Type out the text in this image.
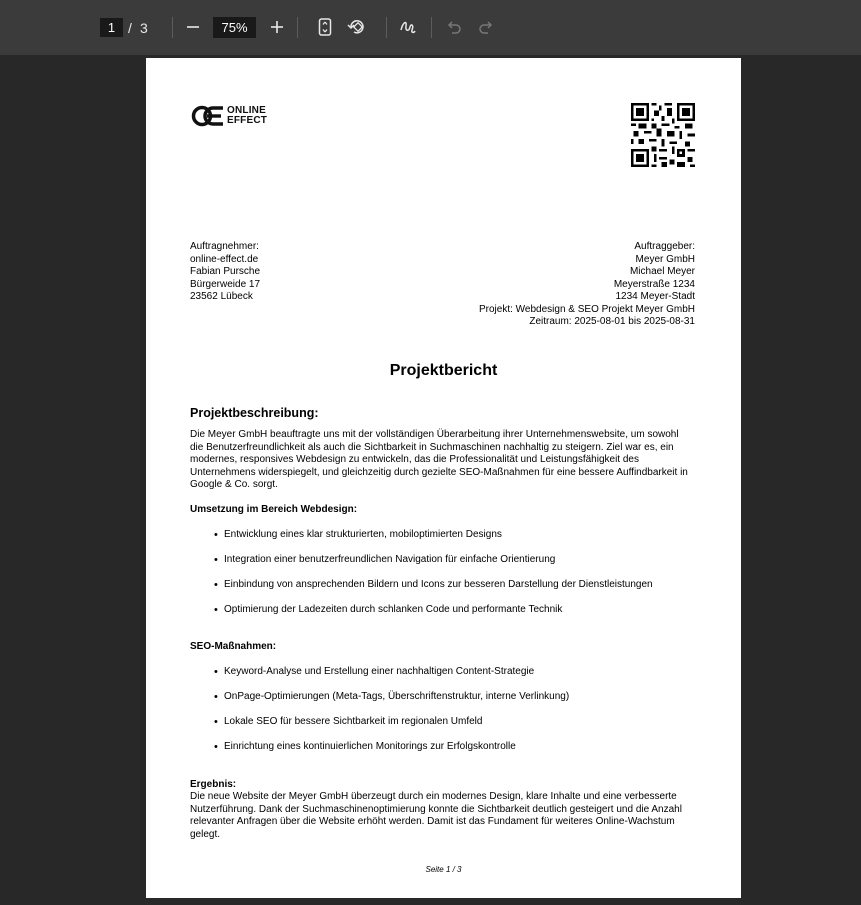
1 / 3	75%
ONLINE
EFFECT
Auftragnehmer:
online-effect.de
Fabian Pursche
Bürgerweide 17
23562 Lübeck
Auftraggeber:
Meyer GmbH
Michael Meyer
Meyerstraße 1234
1234 Meyer-Stadt
Projekt: Webdesign & SEO Projekt Meyer GmbH
Zeitraum: 2025-08-01 bis 2025-08-31
Projektbericht
Projektbeschreibung:
Die Meyer GmbH beauftragte uns mit der vollständigen Überarbeitung ihrer Unternehmenswebsite, um sowohl
die Benutzerfreundlichkeit als auch die Sichtbarkeit in Suchmaschinen nachhaltig zu steigern. Ziel war es, ein
modernes, responsives Webdesign zu entwickeln, das die Professionalität und Leistungsfähigkeit des
Unternehmens widerspiegelt, und gleichzeitig durch gezielte SEO-Maßnahmen für eine bessere Auffindbarkeit in
Google & Co. sorgt.
Umsetzung im Bereich Webdesign:
• Entwicklung eines klar strukturierten, mobiloptimierten Designs
• Integration einer benutzerfreundlichen Navigation für einfache Orientierung
• Einbindung von ansprechenden Bildern und Icons zur besseren Darstellung der Dienstleistungen
• Optimierung der Ladezeiten durch schlanken Code und performante Technik
SEO-Maßnahmen:
• Keyword-Analyse und Erstellung einer nachhaltigen Content-Strategie
• OnPage-Optimierungen (Meta-Tags, Überschriftenstruktur, interne Verlinkung)
• Lokale SEO für bessere Sichtbarkeit im regionalen Umfeld
• Einrichtung eines kontinuierlichen Monitorings zur Erfolgskontrolle
Ergebnis:
Die neue Website der Meyer GmbH überzeugt durch ein modernes Design, klare Inhalte und eine verbesserte
Nutzerführung. Dank der Suchmaschinenoptimierung konnte die Sichtbarkeit deutlich gesteigert und die Anzahl
relevanter Anfragen über die Website erhöht werden. Damit ist das Fundament für weiteres Online-Wachstum
gelegt.
Seite 1 / 3
